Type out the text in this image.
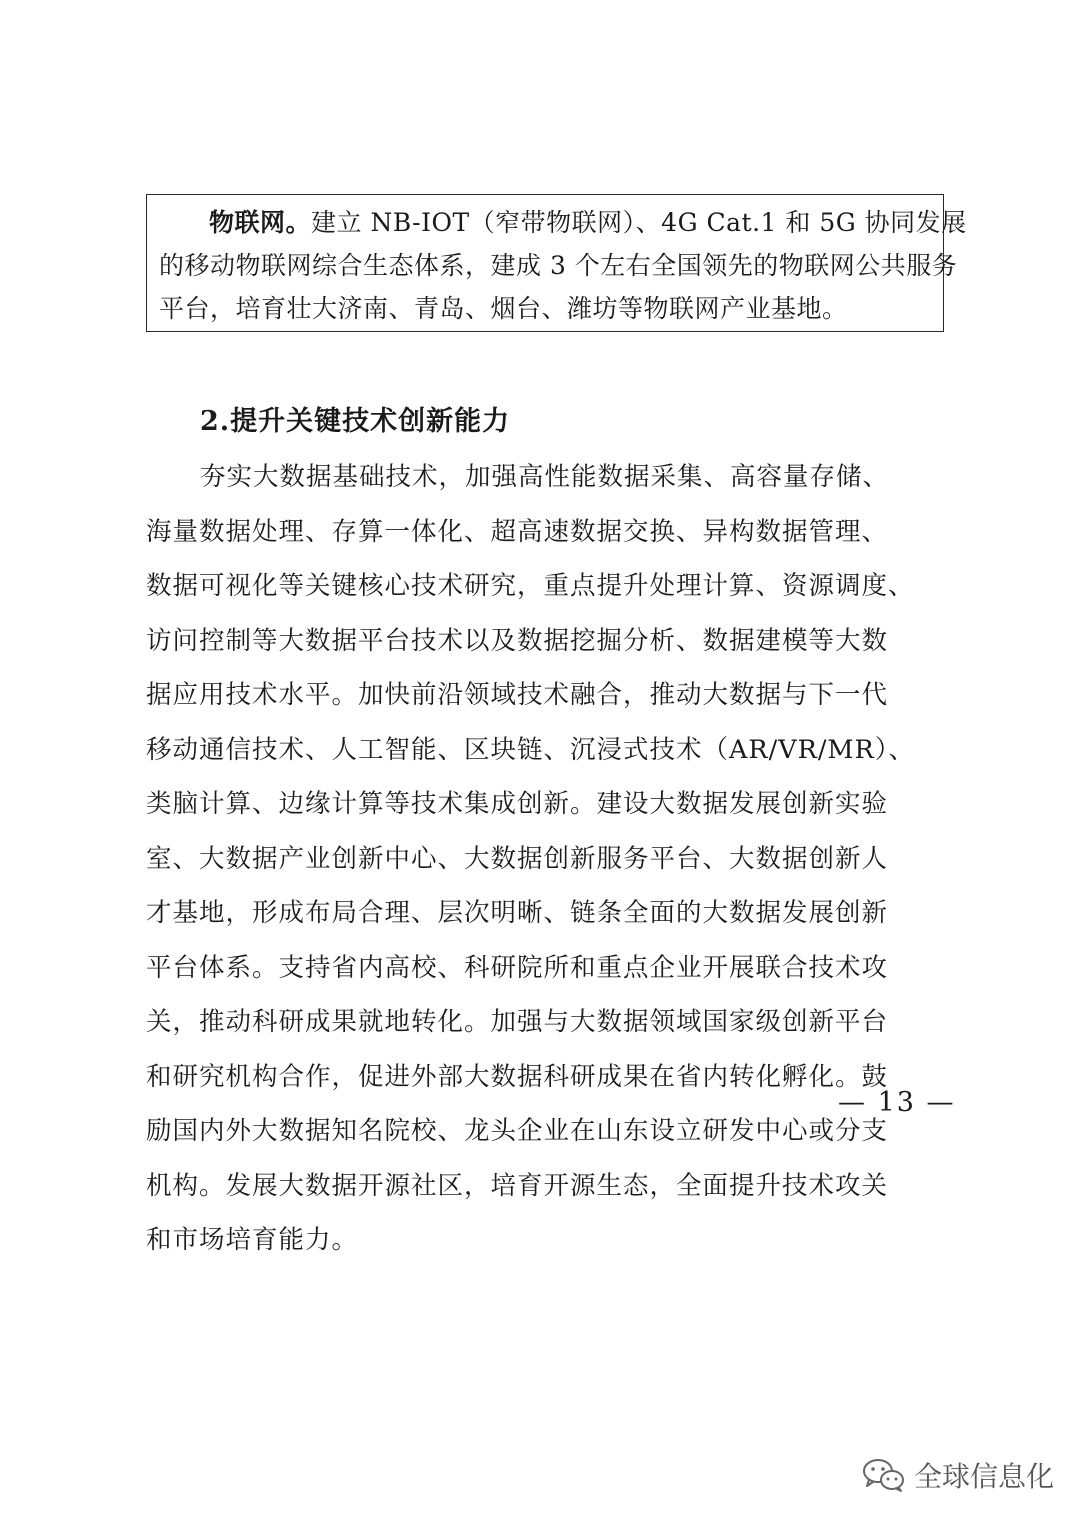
物联网。建立 NB-IOT（窄带物联网）、4G Cat.1 和 5G 协同发展
的移动物联网综合生态体系，建成 3 个左右全国领先的物联网公共服务
平台，培育壮大济南、青岛、烟台、潍坊等物联网产业基地。
2.提升关键技术创新能力
夯实大数据基础技术，加强高性能数据采集、高容量存储、
海量数据处理、存算一体化、超高速数据交换、异构数据管理、
数据可视化等关键核心技术研究，重点提升处理计算、资源调度、
访问控制等大数据平台技术以及数据挖掘分析、数据建模等大数
据应用技术水平。加快前沿领域技术融合，推动大数据与下一代
移动通信技术、人工智能、区块链、沉浸式技术（AR/VR/MR）、
类脑计算、边缘计算等技术集成创新。建设大数据发展创新实验
室、大数据产业创新中心、大数据创新服务平台、大数据创新人
才基地，形成布局合理、层次明晰、链条全面的大数据发展创新
平台体系。支持省内高校、科研院所和重点企业开展联合技术攻
关，推动科研成果就地转化。加强与大数据领域国家级创新平台
和研究机构合作，促进外部大数据科研成果在省内转化孵化。鼓
励国内外大数据知名院校、龙头企业在山东设立研发中心或分支
机构。发展大数据开源社区，培育开源生态，全面提升技术攻关
和市场培育能力。
— 13 —
全球信息化
